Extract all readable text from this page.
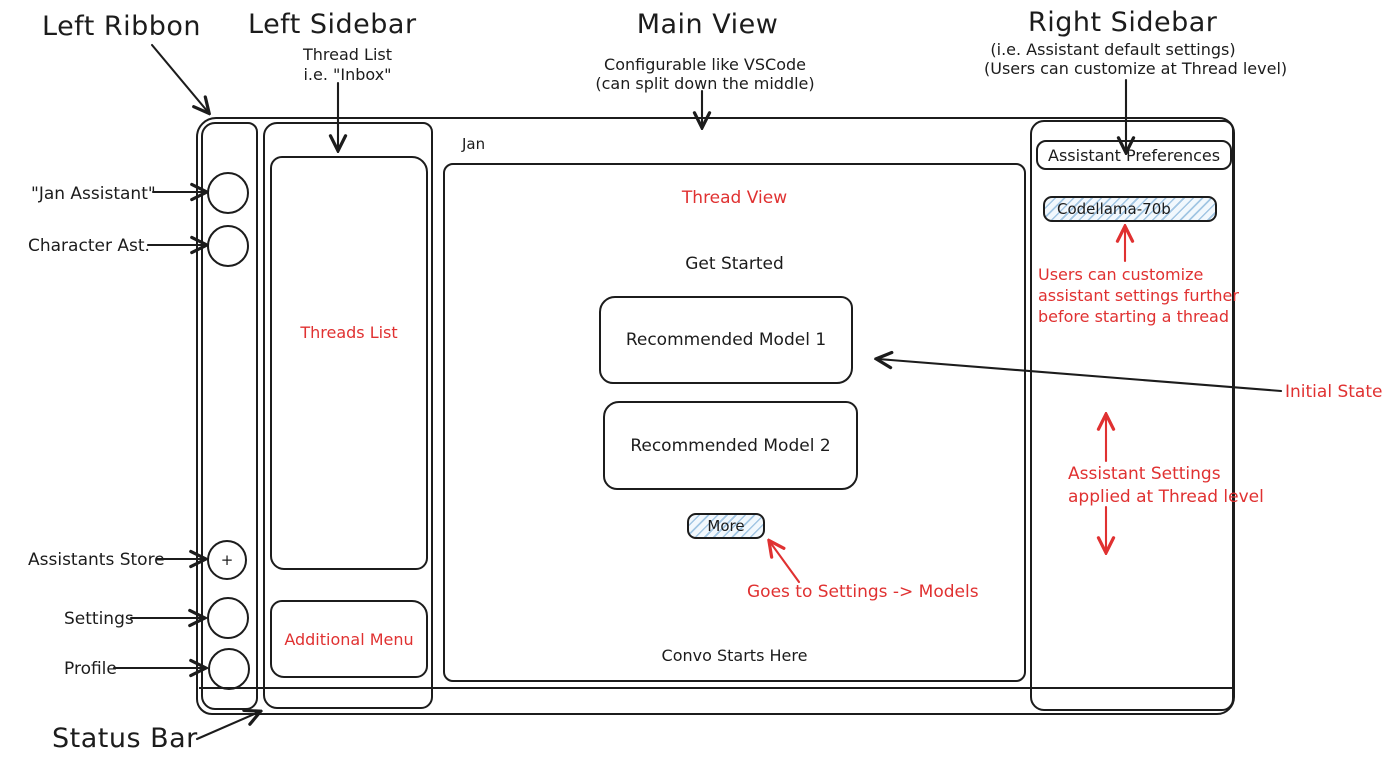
Left Ribbon Left Sidebar
Thread List
i.e. "Inbox"
Main View
Configurable like VSCode
(can split down the middle)
Right Sidebar
(i.e. Assistant default settings)
(Users can customize at Thread level)
"Jan Assistant"
Character Ast.
Assistants Store
Settings
Profile
Status Bar
Initial State
+
Threads List
Additional Menu
Jan
Thread View
Get Started
Recommended Model 1
Recommended Model 2
More
Goes to Settings -> Models
Convo Starts Here
Assistant Preferences
Codellama-70b
Users can customize
assistant settings further
before starting a thread
Assistant Settings
applied at Thread level
